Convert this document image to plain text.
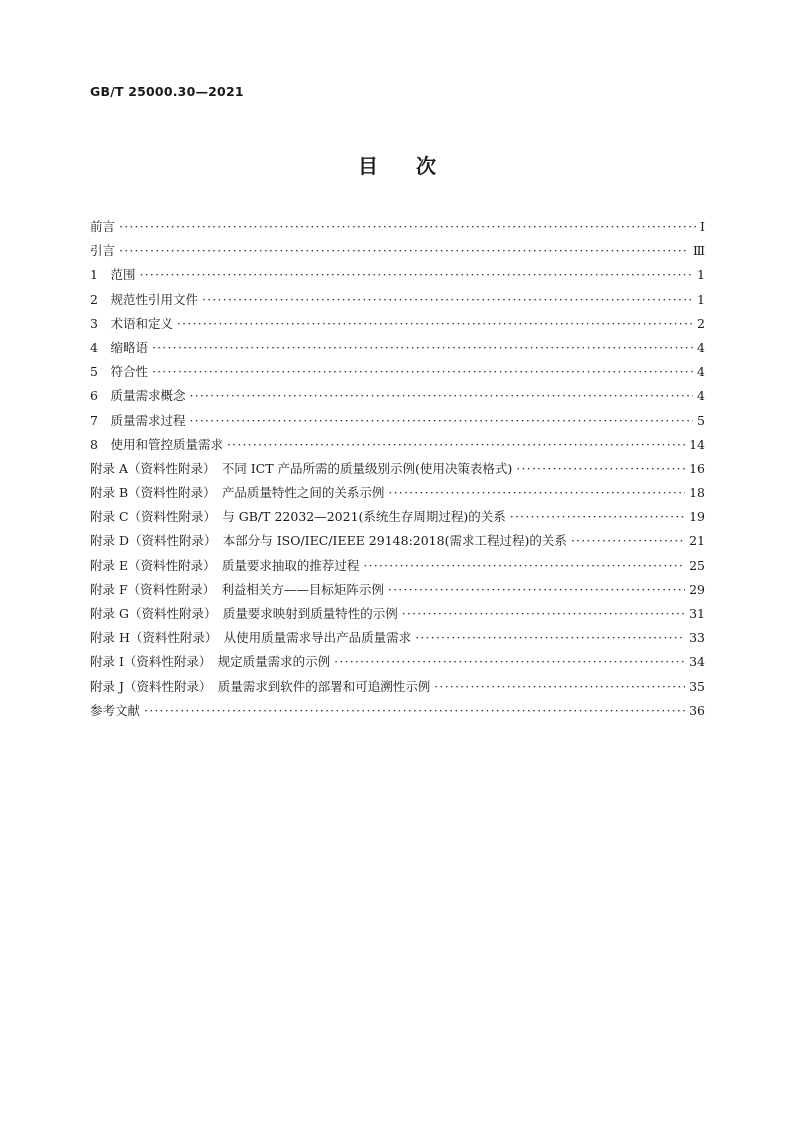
GB/T 25000.30—2021
目次
前言 ·····	Ⅰ
引言 ·····	Ⅲ
1　范围 ·····	1
2　规范性引用文件 ·····	1
3　术语和定义 ·····	2
4　缩略语 ·····	4
5　符合性 ·····	4
6　质量需求概念 ·····	4
7　质量需求过程 ·····	5
8　使用和管控质量需求 ·····	14
附录 A（资料性附录）　不同 ICT 产品所需的质量级别示例(使用决策表格式) ·····	16
附录 B（资料性附录）　产品质量特性之间的关系示例 ·····	18
附录 C（资料性附录）　与 GB/T 22032—2021(系统生存周期过程)的关系 ·····	19
附录 D（资料性附录）　本部分与 ISO/IEC/IEEE 29148:2018(需求工程过程)的关系 ·····	21
附录 E（资料性附录）　质量要求抽取的推荐过程 ·····	25
附录 F（资料性附录）　利益相关方——目标矩阵示例 ·····	29
附录 G（资料性附录）　质量要求映射到质量特性的示例 ·····	31
附录 H（资料性附录）　从使用质量需求导出产品质量需求 ·····	33
附录 I（资料性附录）　规定质量需求的示例 ·····	34
附录 J（资料性附录）　质量需求到软件的部署和可追溯性示例 ·····	35
参考文献 ·····	36
